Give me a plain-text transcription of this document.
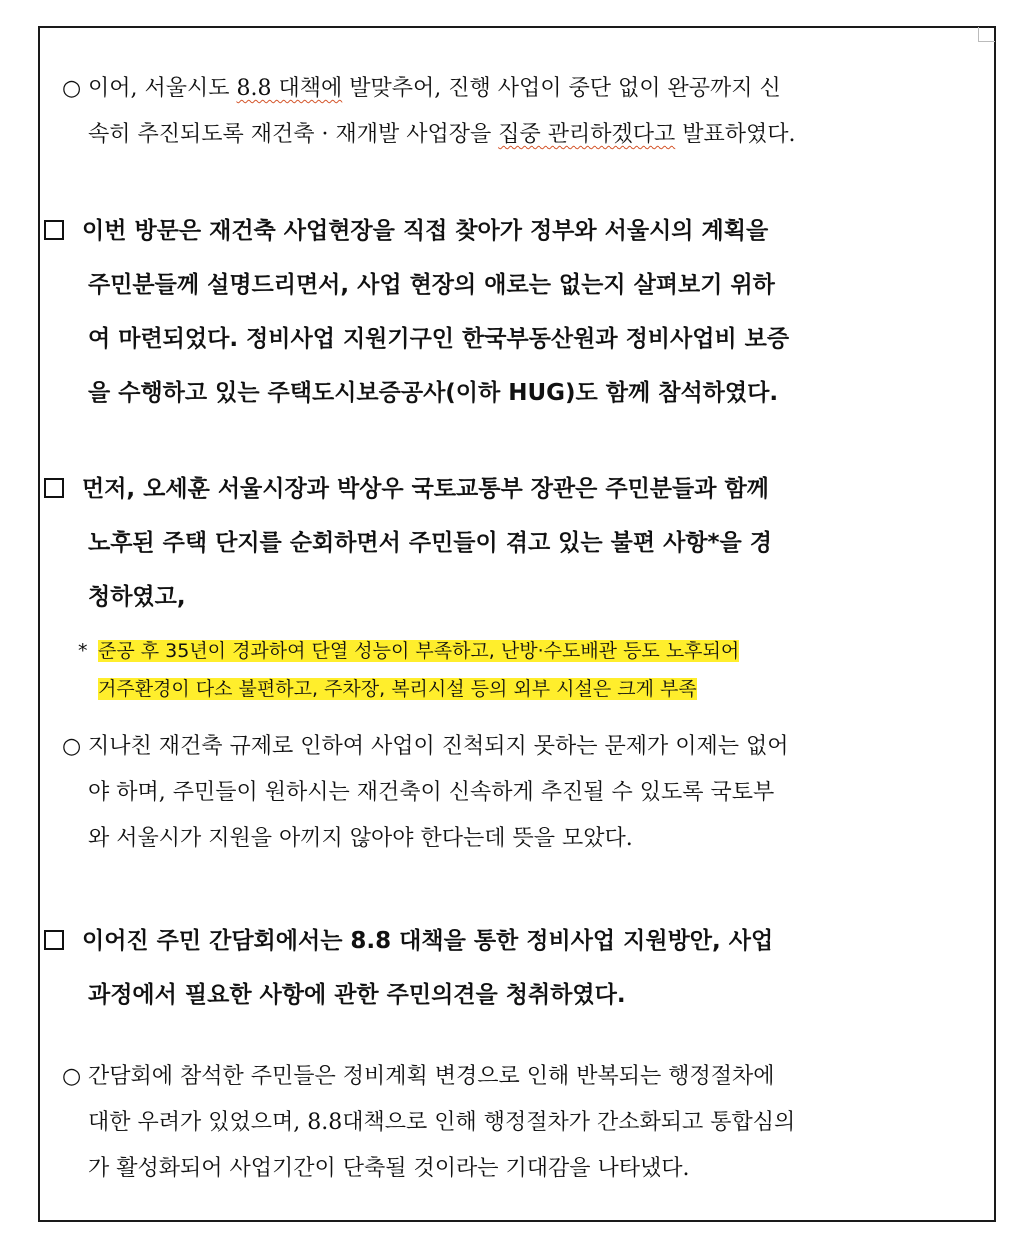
○ 이어, 서울시도 8.8 대책에 발맞추어, 진행 사업이 중단 없이 완공까지 신
속히 추진되도록 재건축 · 재개발 사업장을 집중 관리하겠다고 발표하였다.
이번 방문은 재건축 사업현장을 직접 찾아가 정부와 서울시의 계획을
주민분들께 설명드리면서, 사업 현장의 애로는 없는지 살펴보기 위하
여 마련되었다. 정비사업 지원기구인 한국부동산원과 정비사업비 보증
을 수행하고 있는 주택도시보증공사(이하 HUG)도 함께 참석하였다.
먼저, 오세훈 서울시장과 박상우 국토교통부 장관은 주민분들과 함께
노후된 주택 단지를 순회하면서 주민들이 겪고 있는 불편 사항*을 경
청하였고,
* 준공 후 35년이 경과하여 단열 성능이 부족하고, 난방·수도배관 등도 노후되어
거주환경이 다소 불편하고, 주차장, 복리시설 등의 외부 시설은 크게 부족
○ 지나친 재건축 규제로 인하여 사업이 진척되지 못하는 문제가 이제는 없어
야 하며, 주민들이 원하시는 재건축이 신속하게 추진될 수 있도록 국토부
와 서울시가 지원을 아끼지 않아야 한다는데 뜻을 모았다.
이어진 주민 간담회에서는 8.8 대책을 통한 정비사업 지원방안, 사업
과정에서 필요한 사항에 관한 주민의견을 청취하였다.
○ 간담회에 참석한 주민들은 정비계획 변경으로 인해 반복되는 행정절차에
대한 우려가 있었으며, 8.8대책으로 인해 행정절차가 간소화되고 통합심의
가 활성화되어 사업기간이 단축될 것이라는 기대감을 나타냈다.
